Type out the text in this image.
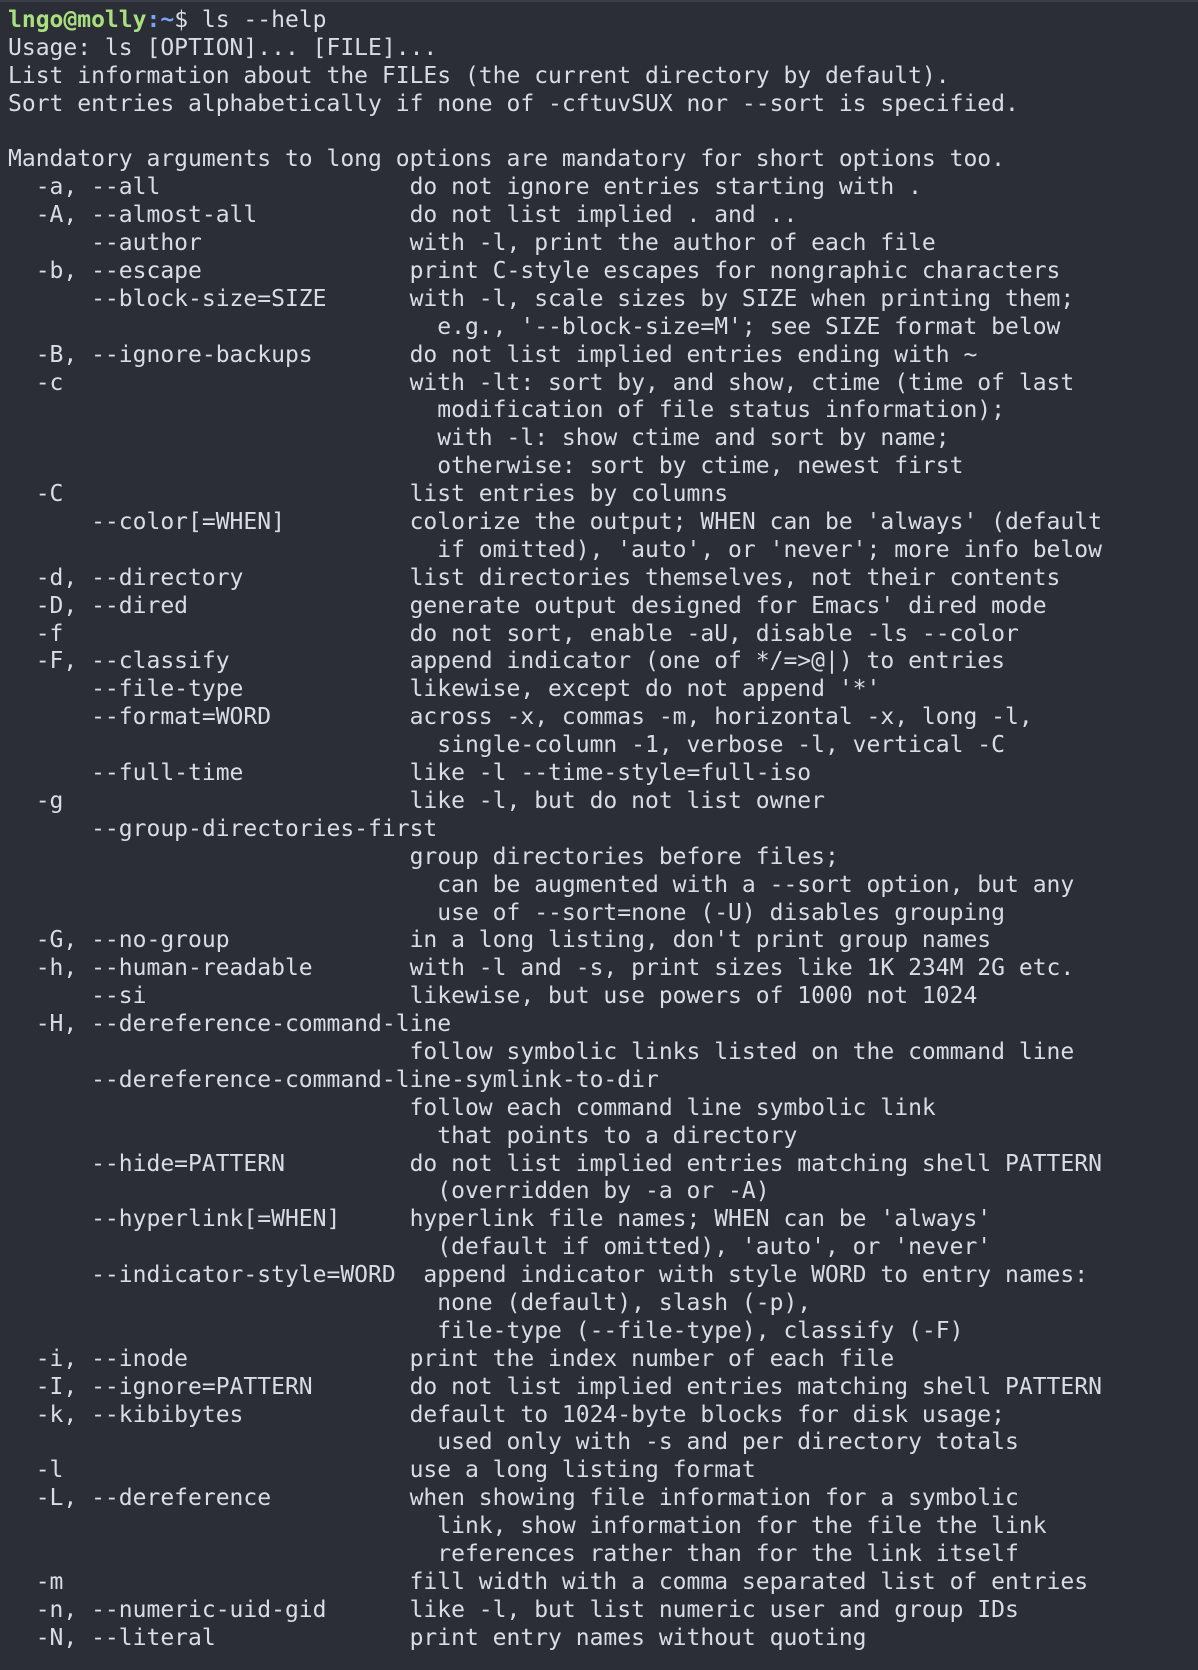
lngo@molly:~$ ls --help
Usage: ls [OPTION]... [FILE]...
List information about the FILEs (the current directory by default).
Sort entries alphabetically if none of -cftuvSUX nor --sort is specified.
Mandatory arguments to long options are mandatory for short options too.
-a, --all                  do not ignore entries starting with .
-A, --almost-all           do not list implied . and ..
--author               with -l, print the author of each file
-b, --escape               print C-style escapes for nongraphic characters
--block-size=SIZE      with -l, scale sizes by SIZE when printing them;
e.g., '--block-size=M'; see SIZE format below
-B, --ignore-backups       do not list implied entries ending with ~
-c                         with -lt: sort by, and show, ctime (time of last
modification of file status information);
with -l: show ctime and sort by name;
otherwise: sort by ctime, newest first
-C                         list entries by columns
--color[=WHEN]         colorize the output; WHEN can be 'always' (default
if omitted), 'auto', or 'never'; more info below
-d, --directory            list directories themselves, not their contents
-D, --dired                generate output designed for Emacs' dired mode
-f                         do not sort, enable -aU, disable -ls --color
-F, --classify             append indicator (one of */=>@|) to entries
--file-type            likewise, except do not append '*'
--format=WORD          across -x, commas -m, horizontal -x, long -l,
single-column -1, verbose -l, vertical -C
--full-time            like -l --time-style=full-iso
-g                         like -l, but do not list owner
--group-directories-first
group directories before files;
can be augmented with a --sort option, but any
use of --sort=none (-U) disables grouping
-G, --no-group             in a long listing, don't print group names
-h, --human-readable       with -l and -s, print sizes like 1K 234M 2G etc.
--si                   likewise, but use powers of 1000 not 1024
-H, --dereference-command-line
follow symbolic links listed on the command line
--dereference-command-line-symlink-to-dir
follow each command line symbolic link
that points to a directory
--hide=PATTERN         do not list implied entries matching shell PATTERN
(overridden by -a or -A)
--hyperlink[=WHEN]     hyperlink file names; WHEN can be 'always'
(default if omitted), 'auto', or 'never'
--indicator-style=WORD  append indicator with style WORD to entry names:
none (default), slash (-p),
file-type (--file-type), classify (-F)
-i, --inode                print the index number of each file
-I, --ignore=PATTERN       do not list implied entries matching shell PATTERN
-k, --kibibytes            default to 1024-byte blocks for disk usage;
used only with -s and per directory totals
-l                         use a long listing format
-L, --dereference          when showing file information for a symbolic
link, show information for the file the link
references rather than for the link itself
-m                         fill width with a comma separated list of entries
-n, --numeric-uid-gid      like -l, but list numeric user and group IDs
-N, --literal              print entry names without quoting
